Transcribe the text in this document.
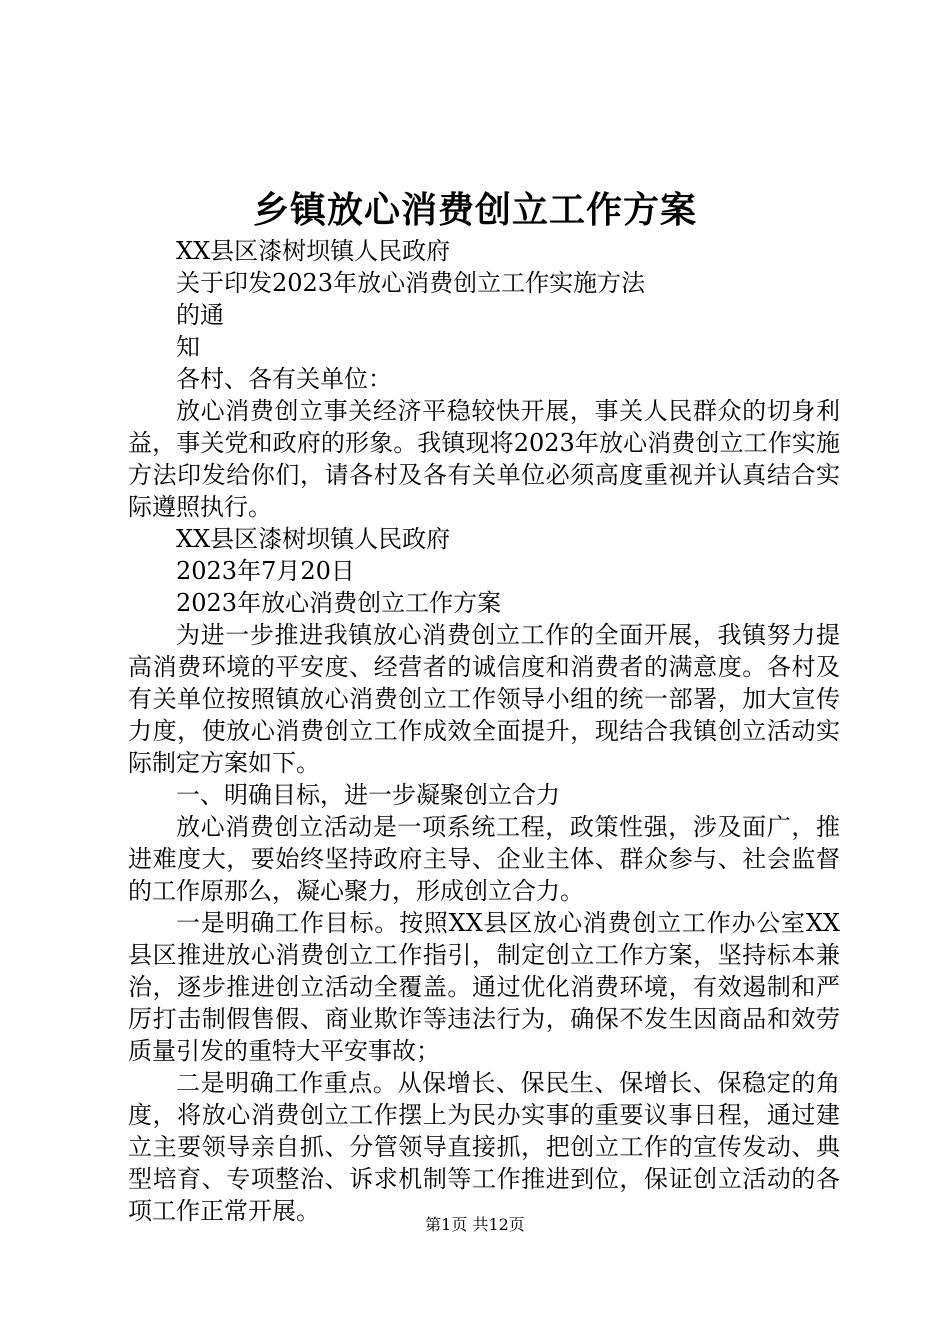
乡镇放心消费创立工作方案

XX县区漆树坝镇人民政府

关于印发2023年放心消费创立工作实施方法

的通

知

各村、各有关单位：

放心消费创立事关经济平稳较快开展，事关人民群众的切身利益，事关党和政府的形象。我镇现将2023年放心消费创立工作实施方法印发给你们，请各村及各有关单位必须高度重视并认真结合实际遵照执行。

XX县区漆树坝镇人民政府

2023年7月20日

2023年放心消费创立工作方案

为进一步推进我镇放心消费创立工作的全面开展，我镇努力提高消费环境的平安度、经营者的诚信度和消费者的满意度。各村及有关单位按照镇放心消费创立工作领导小组的统一部署，加大宣传力度，使放心消费创立工作成效全面提升，现结合我镇创立活动实际制定方案如下。

一、明确目标，进一步凝聚创立合力

放心消费创立活动是一项系统工程，政策性强，涉及面广，推进难度大，要始终坚持政府主导、企业主体、群众参与、社会监督的工作原那么，凝心聚力，形成创立合力。

一是明确工作目标。按照XX县区放心消费创立工作办公室XX县区推进放心消费创立工作指引，制定创立工作方案，坚持标本兼治，逐步推进创立活动全覆盖。通过优化消费环境，有效遏制和严厉打击制假售假、商业欺诈等违法行为，确保不发生因商品和效劳质量引发的重特大平安事故；

二是明确工作重点。从保增长、保民生、保增长、保稳定的角度，将放心消费创立工作摆上为民办实事的重要议事日程，通过建立主要领导亲自抓、分管领导直接抓，把创立工作的宣传发动、典型培育、专项整治、诉求机制等工作推进到位，保证创立活动的各项工作正常开展。	第1页 共12页
